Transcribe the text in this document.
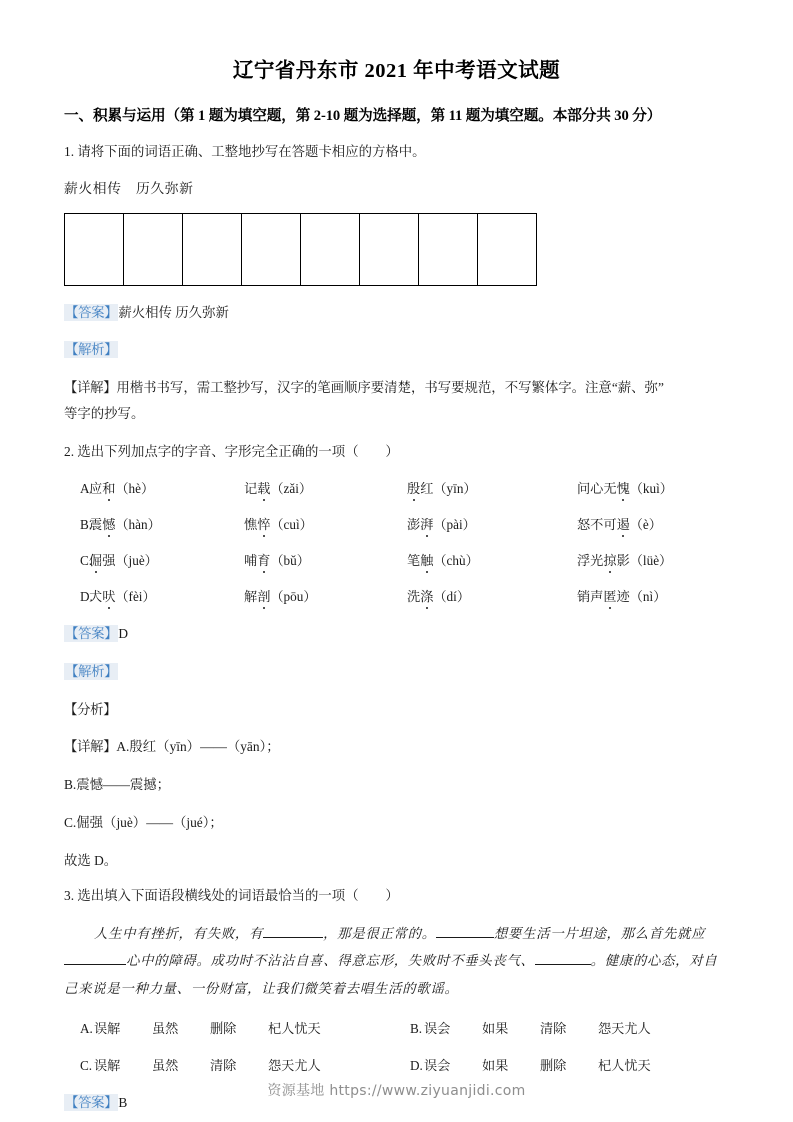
辽宁省丹东市 2021 年中考语文试题
一、积累与运用（第 1 题为填空题，第 2-10 题为选择题，第 11 题为填空题。本部分共 30 分）
1. 请将下面的词语正确、工整地抄写在答题卡相应的方格中。
薪火相传　历久弥新

【答案】薪火相传 历久弥新
【解析】
【详解】用楷书书写，需工整抄写，汉字的笔画顺序要清楚，书写要规范，不写繁体字。注意“薪、弥”
等字的抄写。
2. 选出下列加点字的字音、字形完全正确的一项（　　）
A.
应和（hè）	记载（zǎi）	殷红（yīn）	问心无愧（kuì）
B.
震憾（hàn）	憔悴（cuì）	澎湃（pài）	怒不可遏（è）
C.
倔强（juè）	哺育（bǔ）	笔触（chù）	浮光掠影（lüè）
D.
犬吠（fèi）	解剖（pōu）	洗涤（dí）	销声匿迹（nì）
【答案】D
【解析】
【分析】
【详解】A.殷红（yīn）——（yān）；
B.震憾——震撼；
C.倔强（juè）——（jué）；
故选 D。
3. 选出填入下面语段横线处的词语最恰当的一项（　　）
人生中有挫折，有失败，有	，那是很正常的。	想要生活一片坦途，那么首先就应心中的障碍。成功时不沾沾自喜、得意忘形，失败时不垂头丧气、	。健康的心态，对自己来说是一种力量、一份财富，让我们微笑着去唱生活的歌谣。
A. 误解	虽然	删除	杞人忧天	B. 误会	如果	清除	怨天尤人
C. 误解	虽然	清除	怨天尤人	D. 误会	如果	删除	杞人忧天
【答案】B
资源基地 https://www.ziyuanjidi.com
